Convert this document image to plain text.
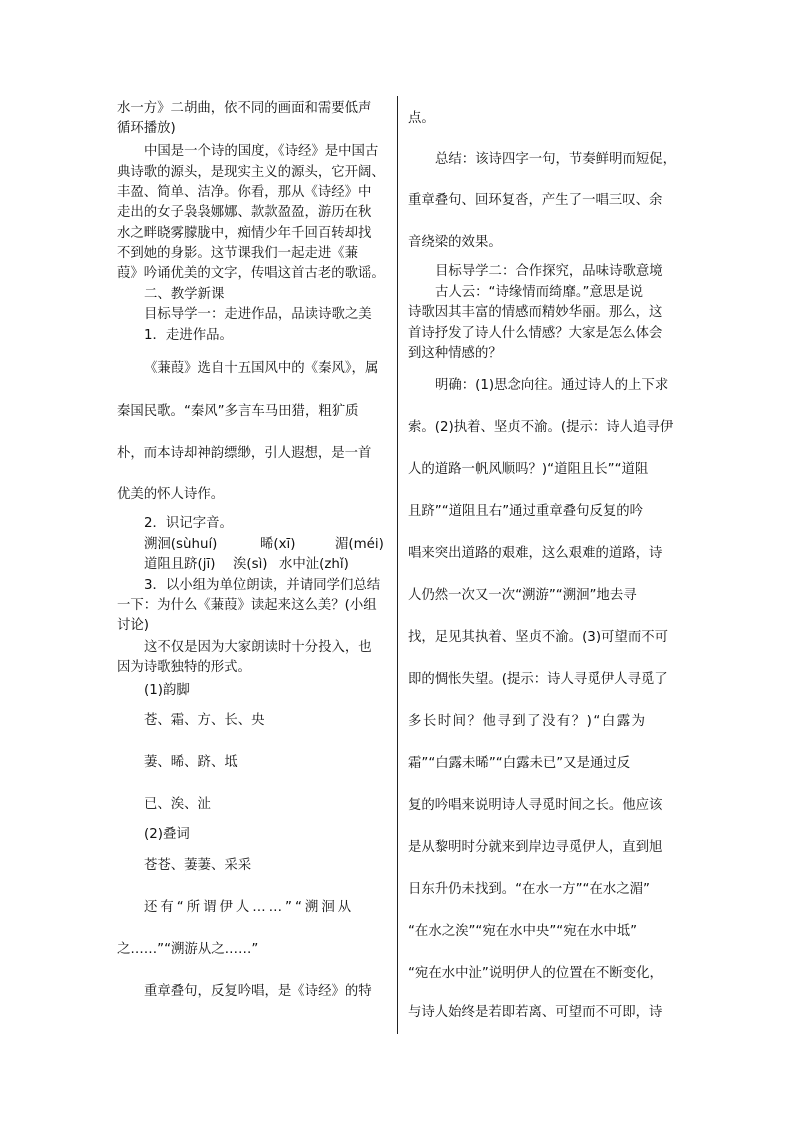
水一方》二胡曲，依不同的画面和需要低声
循环播放)
中国是一个诗的国度，《诗经》是中国古
典诗歌的源头，是现实主义的源头，它开阔、
丰盈、简单、洁净。你看，那从《诗经》中
走出的女子袅袅娜娜、款款盈盈，游历在秋
水之畔晓雾朦胧中，痴情少年千回百转却找
不到她的身影。这节课我们一起走进《蒹
葭》吟诵优美的文字，传唱这首古老的歌谣。
二、教学新课
目标导学一：走进作品，品读诗歌之美
1．走进作品。
《蒹葭》选自十五国风中的《秦风》，属
秦国民歌。“秦风”多言车马田猎，粗犷质
朴，而本诗却神韵缥缈，引人遐想，是一首
优美的怀人诗作。
2．识记字音。
溯洄(sùhuí)	晞(xī)	湄(méi)
道阻且跻(jī) 涘(sì) 水中沚(zhǐ)
3．以小组为单位朗读，并请同学们总结
一下：为什么《蒹葭》读起来这么美？(小组
讨论)
这不仅是因为大家朗读时十分投入，也
因为诗歌独特的形式。
(1)韵脚
苍、霜、方、长、央
萋、晞、跻、坻
已、涘、沚
(2)叠词
苍苍、萋萋、采采
还有“所谓伊人……”“溯洄从
之……”“溯游从之……”
重章叠句，反复吟唱，是《诗经》的特
点。
总结：该诗四字一句，节奏鲜明而短促，
重章叠句、回环复沓，产生了一唱三叹、余
音绕梁的效果。
目标导学二：合作探究，品味诗歌意境
古人云：“诗缘情而绮靡。”意思是说
诗歌因其丰富的情感而精妙华丽。那么，这
首诗抒发了诗人什么情感？大家是怎么体会
到这种情感的？
明确：(1)思念向往。通过诗人的上下求
索。(2)执着、坚贞不渝。(提示：诗人追寻伊
人的道路一帆风顺吗？)“道阻且长”“道阻
且跻”“道阻且右”通过重章叠句反复的吟
唱来突出道路的艰难，这么艰难的道路，诗
人仍然一次又一次“溯游”“溯洄”地去寻
找，足见其执着、坚贞不渝。(3)可望而不可
即的惆怅失望。(提示：诗人寻觅伊人寻觅了
多长时间？他寻到了没有？)“白露为
霜”“白露未晞”“白露未已”又是通过反
复的吟唱来说明诗人寻觅时间之长。他应该
是从黎明时分就来到岸边寻觅伊人，直到旭
日东升仍未找到。“在水一方”“在水之湄”
“在水之涘”“宛在水中央”“宛在水中坻”
“宛在水中沚”说明伊人的位置在不断变化，
与诗人始终是若即若离、可望而不可即，诗
